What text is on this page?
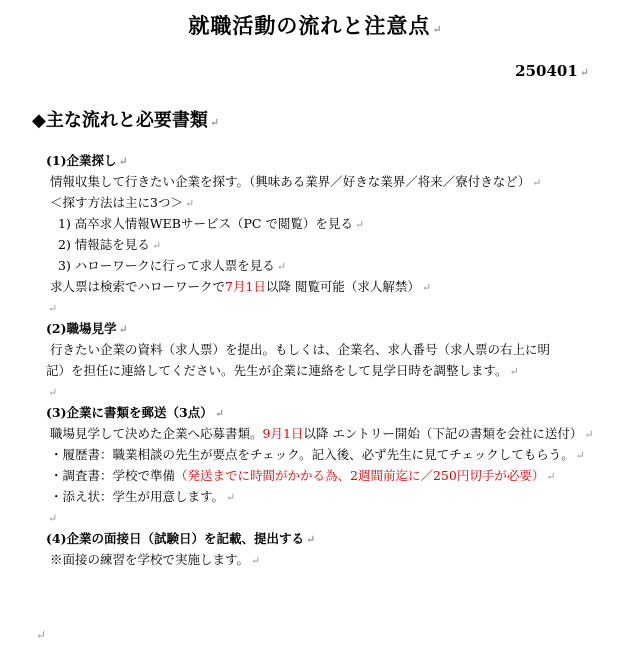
就職活動の流れと注意点 ↵
250401 ↵
◆主な流れと必要書類 ↵
(1)企業探し ↵
情報収集して行きたい企業を探す。（興味ある業界／好きな業界／将来／寮付きなど） ↵
＜探す方法は主に3つ＞ ↵
1) 高卒求人情報WEBサービス（PC で閲覧）を見る ↵
2) 情報誌を見る ↵
3) ハローワークに行って求人票を見る ↵
求人票は検索でハローワークで7月1日以降 閲覧可能（求人解禁） ↵
↵
(2)職場見学 ↵
行きたい企業の資料（求人票）を提出。もしくは、企業名、求人番号（求人票の右上に明
記）を担任に連絡してください。先生が企業に連絡をして見学日時を調整します。 ↵
↵
(3)企業に書類を郵送（3点） ↵
職場見学して決めた企業へ応募書類。9月1日以降 エントリー開始（下記の書類を会社に送付） ↵
・履歴書：職業相談の先生が要点をチェック。記入後、必ず先生に見てチェックしてもらう。 ↵
・調査書：学校で準備（発送までに時間がかかる為、2週間前迄に／250円切手が必要） ↵
・添え状：学生が用意します。 ↵
↵
(4)企業の面接日（試験日）を記載、提出する ↵
※面接の練習を学校で実施します。 ↵
↵
